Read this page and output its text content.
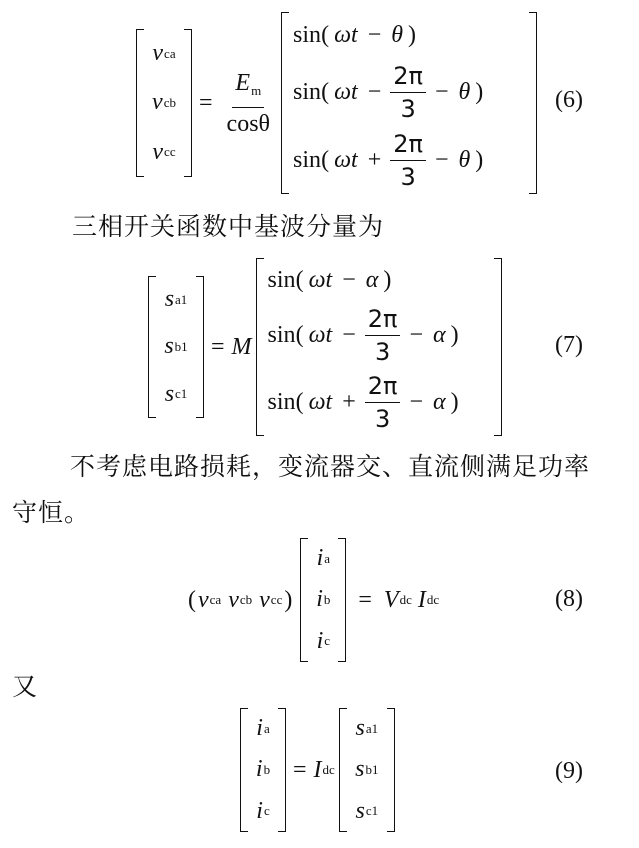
v ca
v cb
v cc
= $\frac{E_m}{\cos\theta}$
sin ( ωt − θ )
sin ( $\omega t - \frac{2\pi}{3} - \theta$ )
sin ( $\omega t + \frac{2\pi}{3} - \theta$ )
(6)
三相开关函数中基波分量为
s a1
s b1
s c1
= M
sin ( ωt − α )
sin ( $\omega t - \frac{2\pi}{3} - \alpha$ )
sin ( $\omega t + \frac{2\pi}{3} - \alpha$ )
(7)
不考虑电路损耗，变流器交、直流侧满足功率
守恒。
( v ca v cb v cc )
i a
i b
i c
= V dc I dc	(8)
又
i a
i b
i c
= I dc
s a1
s b1
s c1
(9)
